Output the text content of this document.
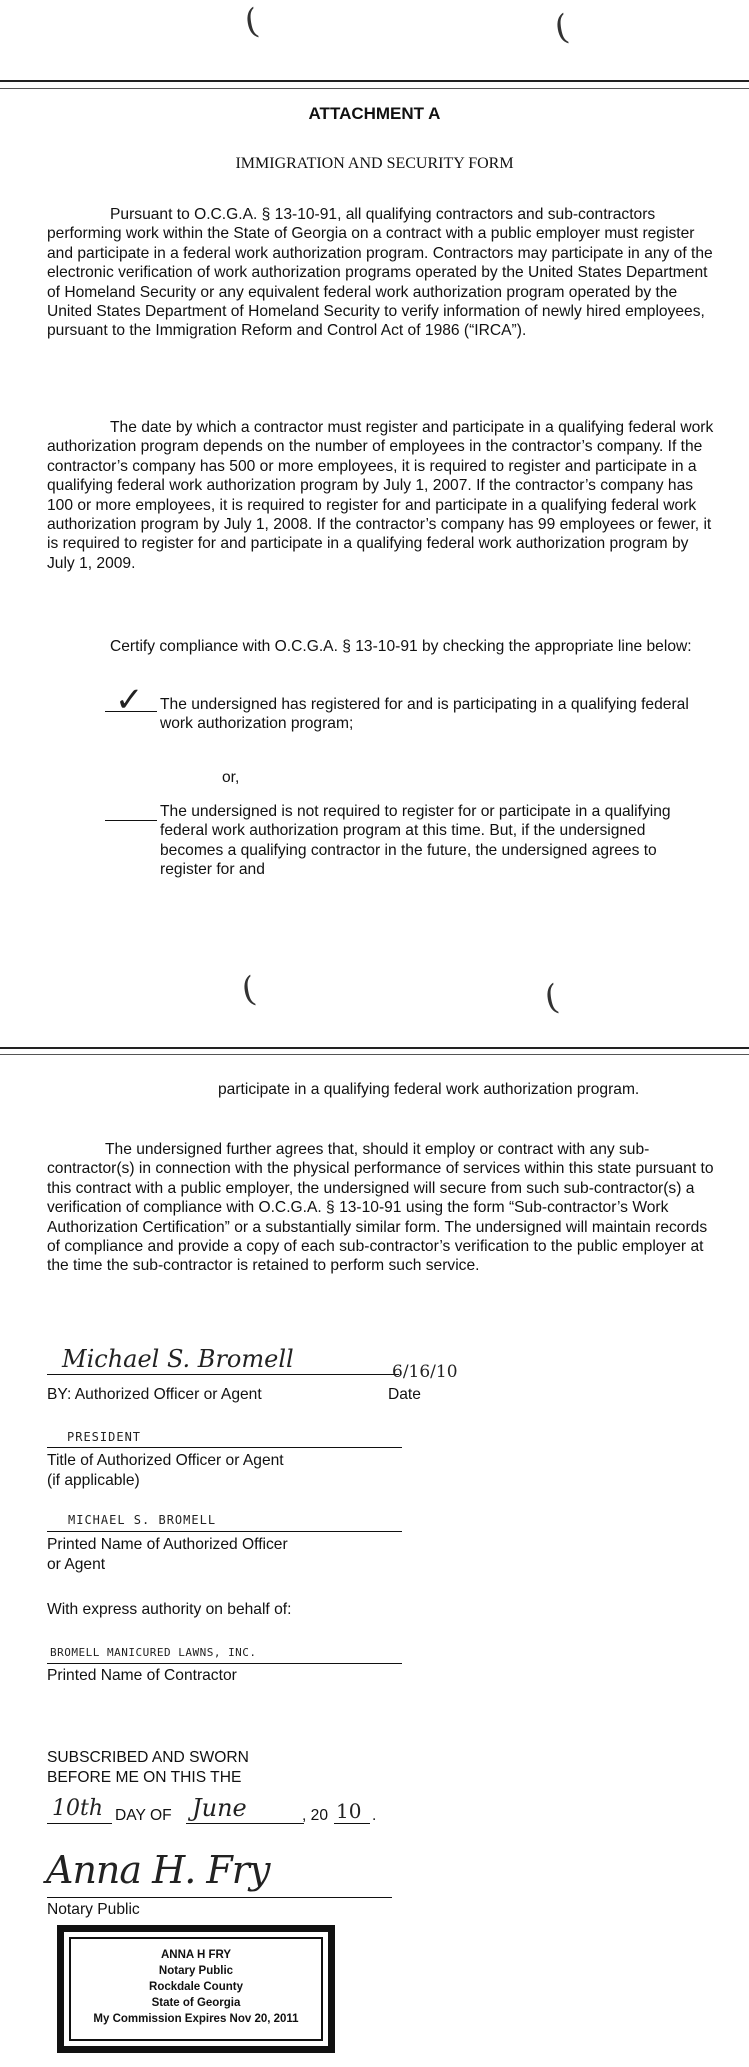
(	(
ATTACHMENT A
IMMIGRATION AND SECURITY FORM
Pursuant to O.C.G.A. § 13-10-91, all qualifying contractors and sub-contractors performing work within the State of Georgia on a contract with a public employer must register and participate in a federal work authorization program. Contractors may participate in any of the electronic verification of work authorization programs operated by the United States Department of Homeland Security or any equivalent federal work authorization program operated by the United States Department of Homeland Security to verify information of newly hired employees, pursuant to the Immigration Reform and Control Act of 1986 (“IRCA”).
The date by which a contractor must register and participate in a qualifying federal work authorization program depends on the number of employees in the contractor’s company. If the contractor’s company has 500 or more employees, it is required to register and participate in a qualifying federal work authorization program by July 1, 2007. If the contractor’s company has 100 or more employees, it is required to register for and participate in a qualifying federal work authorization program by July 1, 2008. If the contractor’s company has 99 employees or fewer, it is required to register for and participate in a qualifying federal work authorization program by July 1, 2009.
Certify compliance with O.C.G.A. § 13-10-91 by checking the appropriate line below:
✓ The undersigned has registered for and is participating in a qualifying federal work authorization program;
or,
The undersigned is not required to register for or participate in a qualifying federal work authorization program at this time. But, if the undersigned becomes a qualifying contractor in the future, the undersigned agrees to register for and
(	(
participate in a qualifying federal work authorization program.
The undersigned further agrees that, should it employ or contract with any sub-contractor(s) in connection with the physical performance of services within this state pursuant to this contract with a public employer, the undersigned will secure from such sub-contractor(s) a verification of compliance with O.C.G.A. § 13-10-91 using the form “Sub-contractor’s Work Authorization Certification” or a substantially similar form. The undersigned will maintain records of compliance and provide a copy of each sub-contractor’s verification to the public employer at the time the sub-contractor is retained to perform such service.
Michael S. Bromell	6/16/10
BY: Authorized Officer or Agent	Date
PRESIDENT
Title of Authorized Officer or Agent
(if applicable)
MICHAEL S. BROMELL
Printed Name of Authorized Officer
or Agent
With express authority on behalf of:
BROMELL MANICURED LAWNS, INC.
Printed Name of Contractor
SUBSCRIBED AND SWORN
BEFORE ME ON THIS THE
10th DAY OF June	, 20 10 .
Anna H. Fry
Notary Public
ANNA H FRY
Notary Public
Rockdale County
State of Georgia
My Commission Expires Nov 20, 2011
